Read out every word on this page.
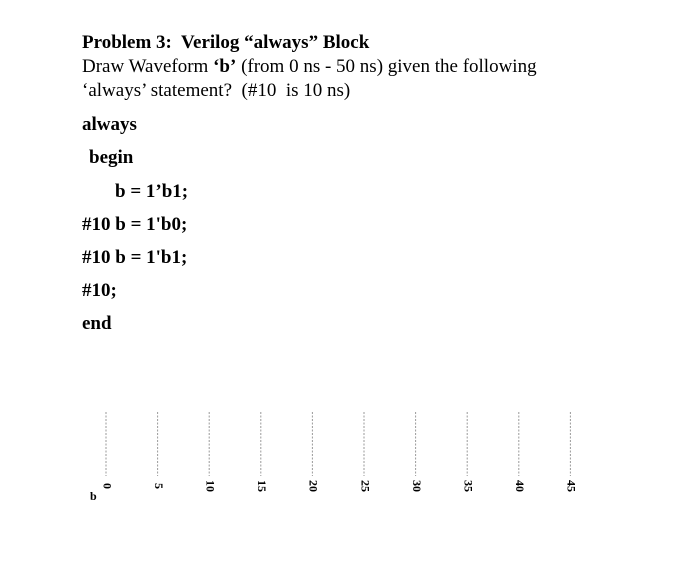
Problem 3:  Verilog “always” Block
Draw Waveform ‘b’ (from 0 ns - 50 ns) given the following
‘always’ statement?  (#10  is 10 ns)
always
begin
b = 1’b1;
#10 b = 1'b0;
#10 b = 1'b1;
#10;
end
0	5	10	15	20	25	30	35	40	45
b
